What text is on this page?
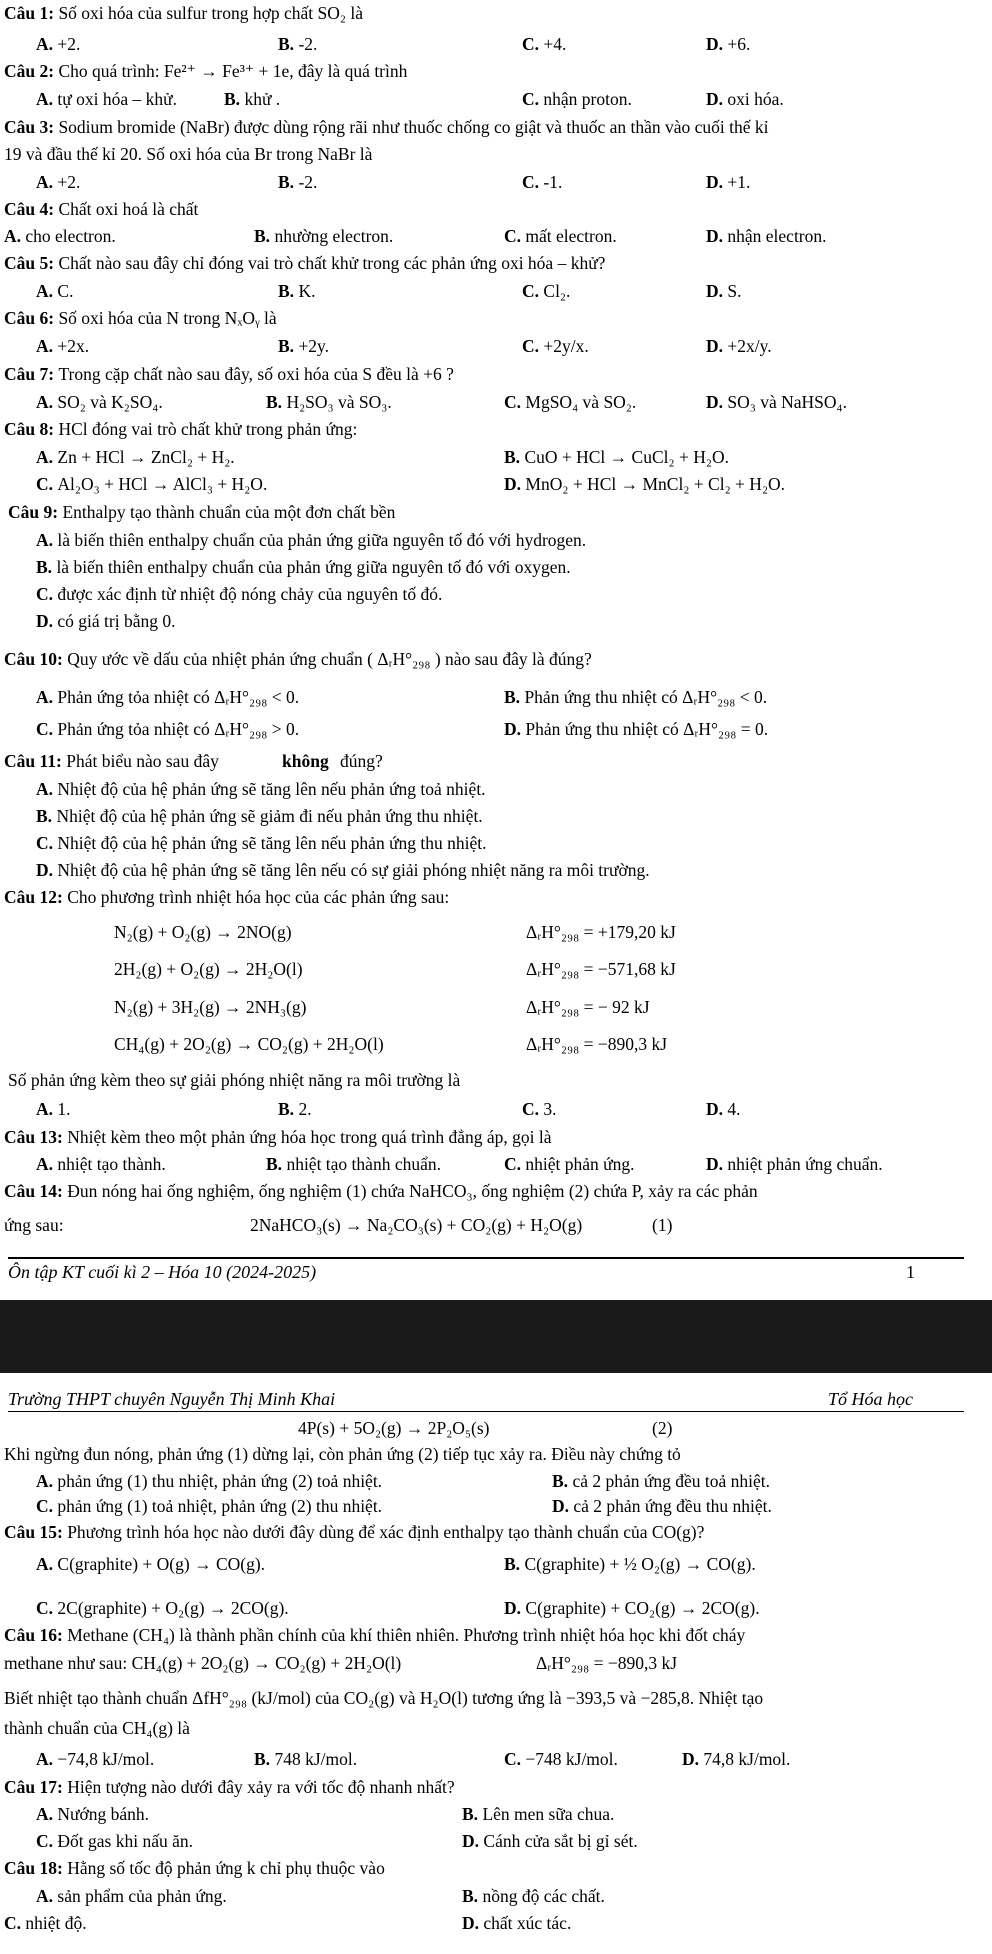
Câu 1: Số oxi hóa của sulfur trong hợp chất SO₂ là
A. +2.	B. -2.	C. +4.	D. +6.
Câu 2: Cho quá trình: Fe²⁺ → Fe³⁺ + 1e, đây là quá trình
A. tự oxi hóa – khử.	B. khử .	C. nhận proton.	D. oxi hóa.
Câu 3: Sodium bromide (NaBr) được dùng rộng rãi như thuốc chống co giật và thuốc an thần vào cuối thế kỉ
19 và đầu thế kỉ 20. Số oxi hóa của Br trong NaBr là
A. +2.	B. -2.	C. -1.	D. +1.
Câu 4: Chất oxi hoá là chất
A. cho electron.	B. nhường electron.	C. mất electron.	D. nhận electron.
Câu 5: Chất nào sau đây chỉ đóng vai trò chất khử trong các phản ứng oxi hóa – khử?
A. C.	B. K.	C. Cl₂.	D. S.
Câu 6: Số oxi hóa của N trong NₓOᵧ là
A. +2x.	B. +2y.	C. +2y/x.	D. +2x/y.
Câu 7: Trong cặp chất nào sau đây, số oxi hóa của S đều là +6 ?
A. SO₂ và K₂SO₄.	B. H₂SO₃ và SO₃.	C. MgSO₄ và SO₂.	D. SO₃ và NaHSO₄.
Câu 8: HCl đóng vai trò chất khử trong phản ứng:
A. Zn + HCl → ZnCl₂ + H₂.	B. CuO + HCl → CuCl₂ + H₂O.
C. Al₂O₃ + HCl → AlCl₃ + H₂O.	D. MnO₂ + HCl → MnCl₂ + Cl₂ + H₂O.
Câu 9: Enthalpy tạo thành chuẩn của một đơn chất bền
A. là biến thiên enthalpy chuẩn của phản ứng giữa nguyên tố đó với hydrogen.
B. là biến thiên enthalpy chuẩn của phản ứng giữa nguyên tố đó với oxygen.
C. được xác định từ nhiệt độ nóng chảy của nguyên tố đó.
D. có giá trị bằng 0.
Câu 10: Quy ước về dấu của nhiệt phản ứng chuẩn ( ΔᵣH°₂₉₈ ) nào sau đây là đúng?
A. Phản ứng tỏa nhiệt có ΔᵣH°₂₉₈ < 0.	B. Phản ứng thu nhiệt có ΔᵣH°₂₉₈ < 0.
C. Phản ứng tỏa nhiệt có ΔᵣH°₂₉₈ > 0.	D. Phản ứng thu nhiệt có ΔᵣH°₂₉₈ = 0.
Câu 11: Phát biểu nào sau đây	không đúng?
A. Nhiệt độ của hệ phản ứng sẽ tăng lên nếu phản ứng toả nhiệt.
B. Nhiệt độ của hệ phản ứng sẽ giảm đi nếu phản ứng thu nhiệt.
C. Nhiệt độ của hệ phản ứng sẽ tăng lên nếu phản ứng thu nhiệt.
D. Nhiệt độ của hệ phản ứng sẽ tăng lên nếu có sự giải phóng nhiệt năng ra môi trường.
Câu 12: Cho phương trình nhiệt hóa học của các phản ứng sau:
N₂(g) + O₂(g) → 2NO(g)	ΔᵣH°₂₉₈ = +179,20 kJ
2H₂(g) + O₂(g) → 2H₂O(l)	ΔᵣH°₂₉₈ = −571,68 kJ
N₂(g) + 3H₂(g) → 2NH₃(g)	ΔᵣH°₂₉₈ = − 92 kJ
CH₄(g) + 2O₂(g) → CO₂(g) + 2H₂O(l)	ΔᵣH°₂₉₈ = −890,3 kJ
Số phản ứng kèm theo sự giải phóng nhiệt năng ra môi trường là
A. 1.	B. 2.	C. 3.	D. 4.
Câu 13: Nhiệt kèm theo một phản ứng hóa học trong quá trình đẳng áp, gọi là
A. nhiệt tạo thành.	B. nhiệt tạo thành chuẩn.	C. nhiệt phản ứng.	D. nhiệt phản ứng chuẩn.
Câu 14: Đun nóng hai ống nghiệm, ống nghiệm (1) chứa NaHCO₃, ống nghiệm (2) chứa P, xảy ra các phản
ứng sau:	2NaHCO₃(s) → Na₂CO₃(s) + CO₂(g) + H₂O(g)	(1)
Ôn tập KT cuối kì 2 – Hóa 10 (2024-2025)	1
Trường THPT chuyên Nguyễn Thị Minh Khai	Tổ Hóa học
4P(s) + 5O₂(g) → 2P₂O₅(s)	(2)
Khi ngừng đun nóng, phản ứng (1) dừng lại, còn phản ứng (2) tiếp tục xảy ra. Điều này chứng tỏ
A. phản ứng (1) thu nhiệt, phản ứng (2) toả nhiệt.	B. cả 2 phản ứng đều toả nhiệt.
C. phản ứng (1) toả nhiệt, phản ứng (2) thu nhiệt.	D. cả 2 phản ứng đều thu nhiệt.
Câu 15: Phương trình hóa học nào dưới đây dùng để xác định enthalpy tạo thành chuẩn của CO(g)?
A. C(graphite) + O(g) → CO(g).	B. C(graphite) + ½ O₂(g) → CO(g).
C. 2C(graphite) + O₂(g) → 2CO(g).	D. C(graphite) + CO₂(g) → 2CO(g).
Câu 16: Methane (CH₄) là thành phần chính của khí thiên nhiên. Phương trình nhiệt hóa học khi đốt cháy
methane như sau: CH₄(g) + 2O₂(g) → CO₂(g) + 2H₂O(l)	ΔᵣH°₂₉₈ = −890,3 kJ
Biết nhiệt tạo thành chuẩn ΔfH°₂₉₈ (kJ/mol) của CO₂(g) và H₂O(l) tương ứng là −393,5 và −285,8. Nhiệt tạo
thành chuẩn của CH₄(g) là
A. −74,8 kJ/mol.	B. 748 kJ/mol.	C. −748 kJ/mol.	D. 74,8 kJ/mol.
Câu 17: Hiện tượng nào dưới đây xảy ra với tốc độ nhanh nhất?
A. Nướng bánh.	B. Lên men sữa chua.
C. Đốt gas khi nấu ăn.	D. Cánh cửa sắt bị gỉ sét.
Câu 18: Hằng số tốc độ phản ứng k chỉ phụ thuộc vào
A. sản phẩm của phản ứng.	B. nồng độ các chất.
C. nhiệt độ.	D. chất xúc tác.
